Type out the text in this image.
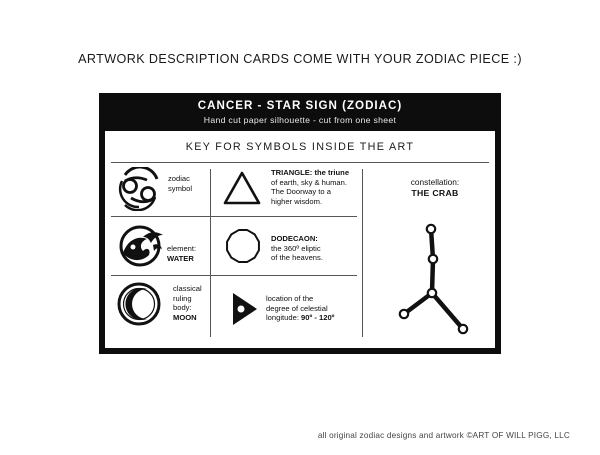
ARTWORK DESCRIPTION CARDS COME WITH YOUR ZODIAC PIECE :)
CANCER - STAR SIGN (ZODIAC)
Hand cut paper silhouette - cut from one sheet
KEY FOR SYMBOLS INSIDE THE ART
zodiac
symbol
element:
WATER
classical
ruling
body:
MOON
TRIANGLE: the triune
of earth, sky & human.
The Doorway to a
higher wisdom.
DODECAON:
the 360º eliptic
of the heavens.
location of the
degree of celestial
longitude: 90º - 120º
constellation:
THE CRAB
all original zodiac designs and artwork ©ART OF WILL PIGG, LLC
